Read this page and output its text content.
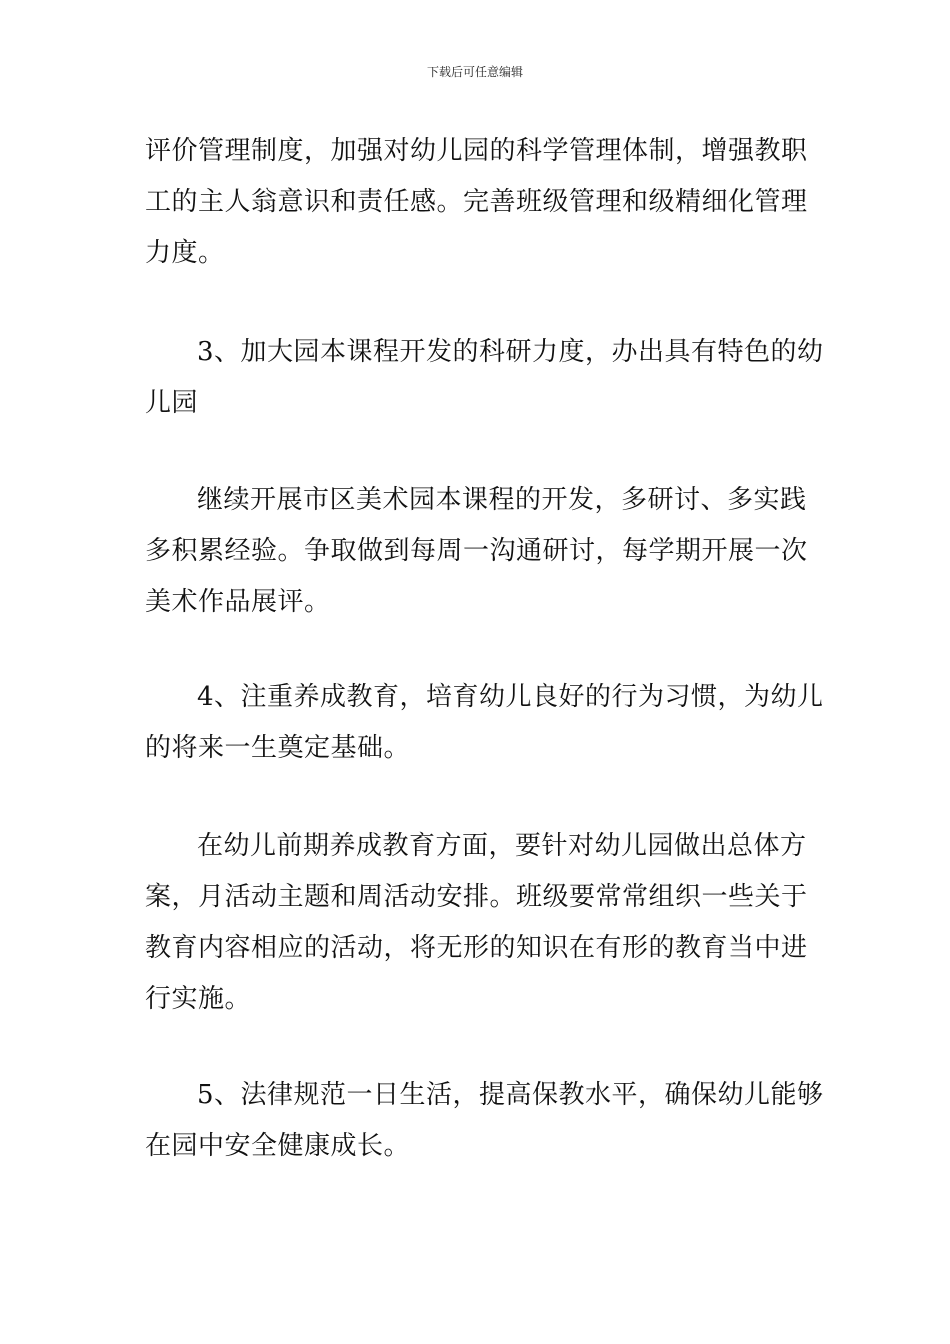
下载后可任意编辑

评价管理制度，加强对幼儿园的科学管理体制，增强教职
工的主人翁意识和责任感。完善班级管理和级精细化管理
力度。

3、加大园本课程开发的科研力度，办出具有特色的幼
儿园

继续开展市区美术园本课程的开发，多研讨、多实践
多积累经验。争取做到每周一沟通研讨，每学期开展一次
美术作品展评。

4、注重养成教育，培育幼儿良好的行为习惯，为幼儿
的将来一生奠定基础。

在幼儿前期养成教育方面，要针对幼儿园做出总体方
案，月活动主题和周活动安排。班级要常常组织一些关于
教育内容相应的活动，将无形的知识在有形的教育当中进
行实施。

5、法律规范一日生活，提高保教水平，确保幼儿能够
在园中安全健康成长。
